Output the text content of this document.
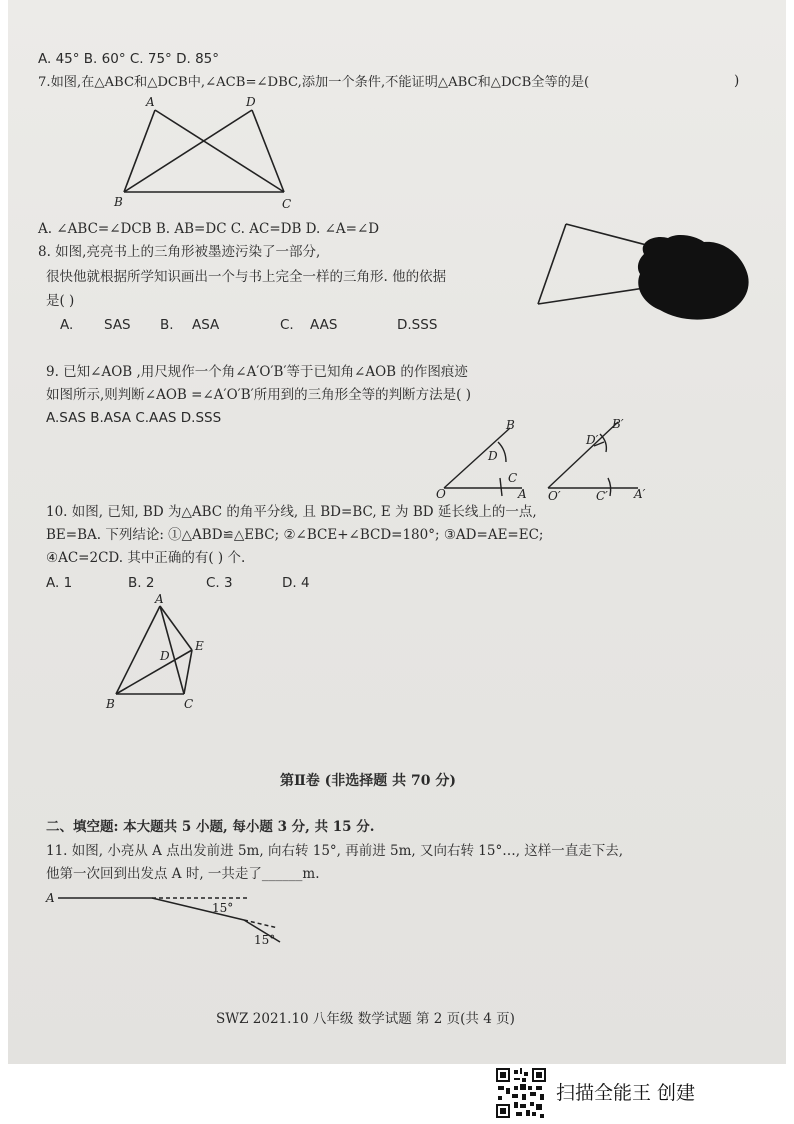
A. 45° B. 60° C. 75° D. 85°
7.如图,在△ABC和△DCB中,∠ACB=∠DBC,添加一个条件,不能证明△ABC和△DCB全等的是(	)
A	D
B	C
A. ∠ABC=∠DCB B. AB=DC C. AC=DB D. ∠A=∠D
8. 如图,亮亮书上的三角形被墨迹污染了一部分,
很快他就根据所学知识画出一个与书上完全一样的三角形. 他的依据
是( )
A. SAS B. ASA	C. AAS	D.SSS
9. 已知∠AOB ,用尺规作一个角∠A′O′B′等于已知角∠AOB 的作图痕迹
如图所示,则判断∠AOB =∠A′O′B′所用到的三角形全等的判断方法是( )
A.SAS B.ASA C.AAS D.SSS	B
D
C
O	A
B′
D′
O′	C′ A′
10. 如图, 已知, BD 为△ABC 的角平分线, 且 BD=BC, E 为 BD 延长线上的一点,
BE=BA. 下列结论: ①△ABD≌△EBC; ②∠BCE+∠BCD=180°; ③AD=AE=EC;
④AC=2CD. 其中正确的有( ) 个.
A. 1	B. 2	C. 3	D. 4
A
D
E
B	C
第Ⅱ卷 (非选择题 共 70 分)
二、填空题: 本大题共 5 小题, 每小题 3 分, 共 15 分.
11. 如图, 小亮从 A 点出发前进 5m, 向右转 15°, 再前进 5m, 又向右转 15°…, 这样一直走下去,
他第一次回到出发点 A 时, 一共走了______m.
A
15°
15°
SWZ 2021.10 八年级 数学试题 第 2 页(共 4 页)
扫描全能王 创建
